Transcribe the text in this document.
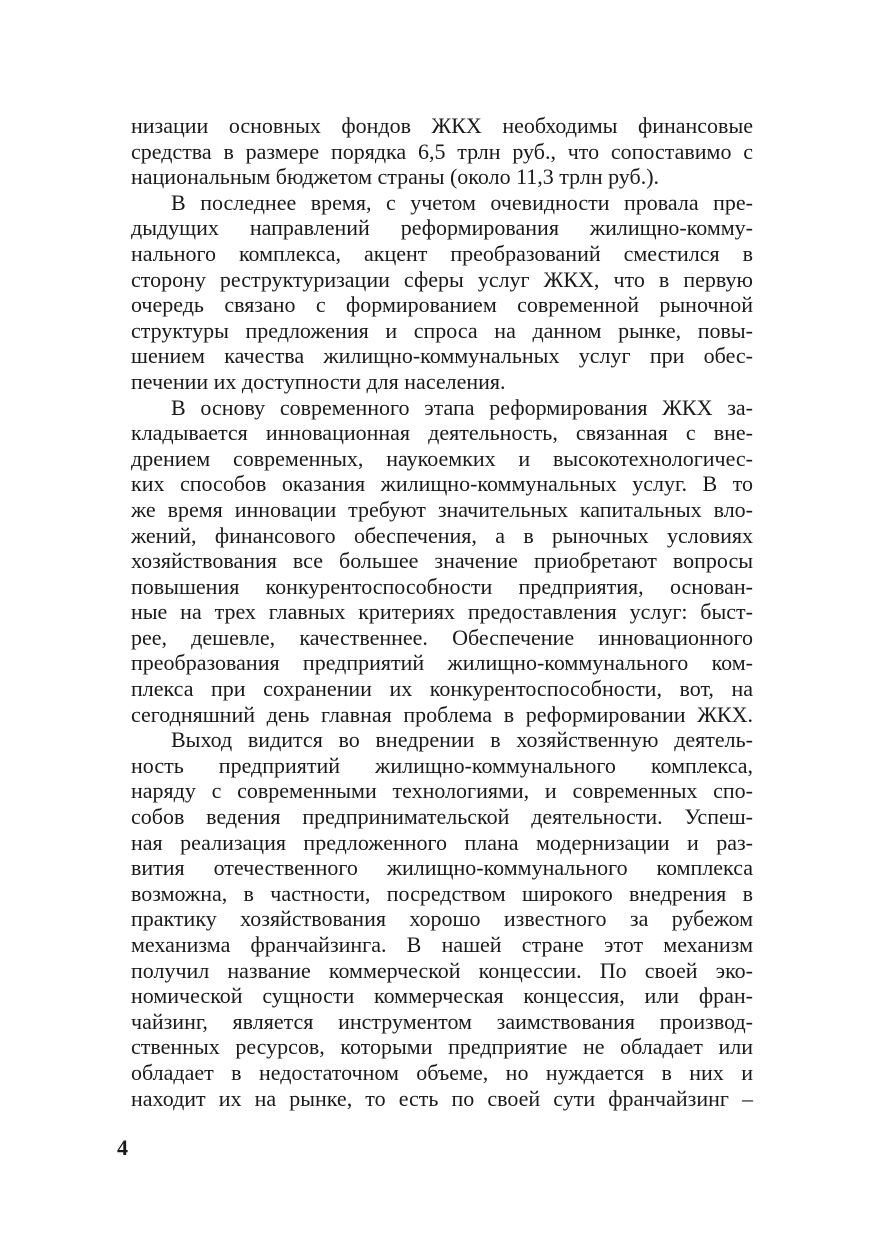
низации основных фондов ЖКХ необходимы финансовые
средства в размере порядка 6,5 трлн руб., что сопоставимо с
национальным бюджетом страны (около 11,3 трлн руб.).
В последнее время, с учетом очевидности провала пре-
дыдущих направлений реформирования жилищно-комму-
нального комплекса, акцент преобразований сместился в
сторону реструктуризации сферы услуг ЖКХ, что в первую
очередь связано с формированием современной рыночной
структуры предложения и спроса на данном рынке, повы-
шением качества жилищно-коммунальных услуг при обес-
печении их доступности для населения.
В основу современного этапа реформирования ЖКХ за-
кладывается инновационная деятельность, связанная с вне-
дрением современных, наукоемких и высокотехнологичес-
ких способов оказания жилищно-коммунальных услуг. В то
же время инновации требуют значительных капитальных вло-
жений, финансового обеспечения, а в рыночных условиях
хозяйствования все большее значение приобретают вопросы
повышения конкурентоспособности предприятия, основан-
ные на трех главных критериях предоставления услуг: быст-
рее, дешевле, качественнее. Обеспечение инновационного
преобразования предприятий жилищно-коммунального ком-
плекса при сохранении их конкурентоспособности, вот, на
сегодняшний день главная проблема в реформировании ЖКХ.
Выход видится во внедрении в хозяйственную деятель-
ность предприятий жилищно-коммунального комплекса,
наряду с современными технологиями, и современных спо-
собов ведения предпринимательской деятельности. Успеш-
ная реализация предложенного плана модернизации и раз-
вития отечественного жилищно-коммунального комплекса
возможна, в частности, посредством широкого внедрения в
практику хозяйствования хорошо известного за рубежом
механизма франчайзинга. В нашей стране этот механизм
получил название коммерческой концессии. По своей эко-
номической сущности коммерческая концессия, или фран-
чайзинг, является инструментом заимствования производ-
ственных ресурсов, которыми предприятие не обладает или
обладает в недостаточном объеме, но нуждается в них и
находит их на рынке, то есть по своей сути франчайзинг –
4
